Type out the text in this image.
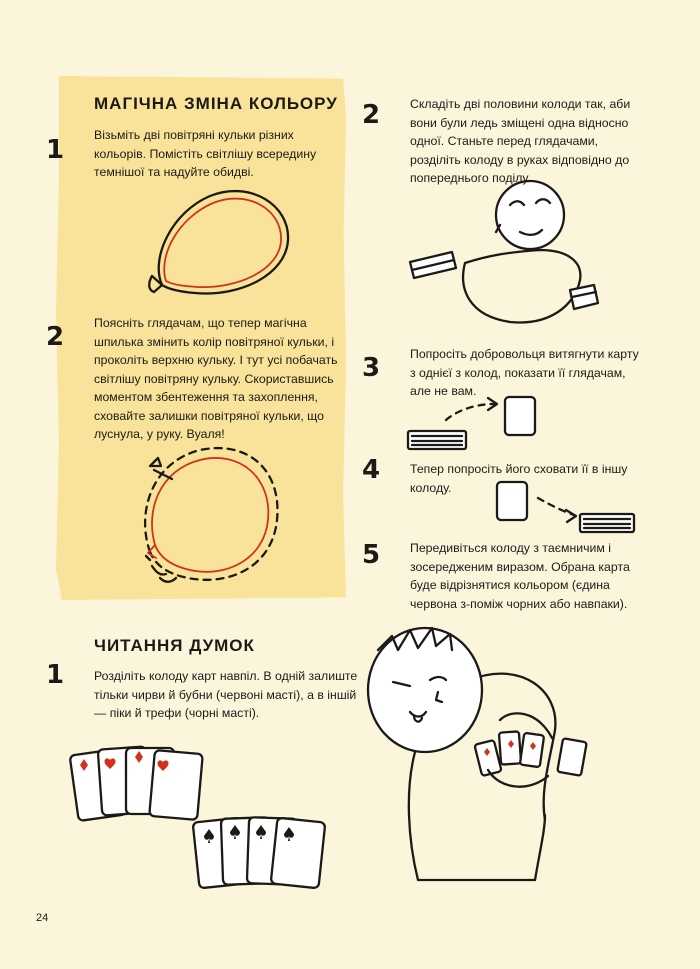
МАГІЧНА ЗМІНА КОЛЬОРУ
1 Візьміть дві повітряні кульки різних кольорів. Помістіть світлішу всередину темнішої та надуйте обидві.
2 Поясніть глядачам, що тепер магічна шпилька змінить колір повітряної кульки, і проколіть верхню кульку. І тут усі побачать світлішу повітряну кульку. Скориставшись моментом збентеження та захоплення, сховайте залишки повітряної кульки, що луснула, у руку. Вуаля!
2 Складіть дві половини колоди так, аби вони були ледь зміщені одна відносно одної. Станьте перед глядачами, розділіть колоду в руках відповідно до попереднього поділу.
3 Попросіть добровольця витягнути карту з однієї з колод, показати її глядачам, але не вам.
4 Тепер попросіть його сховати її в іншу колоду.
5 Передивіться колоду з таємничим і зосередженим виразом. Обрана карта буде відрізнятися кольором (єдина червона з-поміж чорних або навпаки).
ЧИТАННЯ ДУМОК
1 Розділіть колоду карт навпіл. В одній залиште тільки чирви й бубни (червоні масті), а в іншій — піки й трефи (чорні масті).
24
